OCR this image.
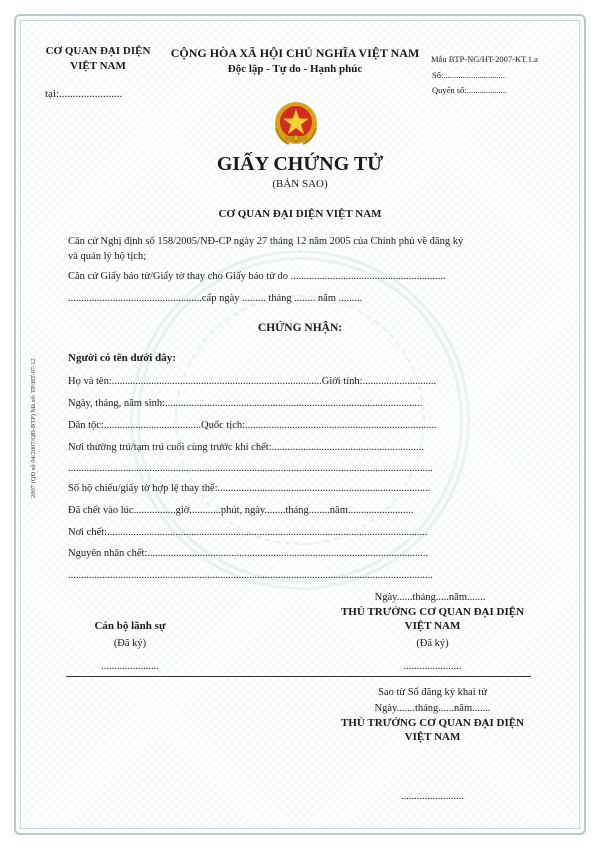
2007 (QĐ số 04/2007/QĐ-BTP) Mã số: TP/HT-07-12
CƠ QUAN ĐẠI DIỆN
VIỆT NAM
tại:.......................
CỘNG HÒA XÃ HỘI CHỦ NGHĨA VIỆT NAM
Độc lập - Tự do - Hạnh phúc
Mẫu BTP-NG/HT-2007-KT.1.a
Số:.............................
Quyển số:...................
GIẤY CHỨNG TỬ
(BẢN SAO)
CƠ QUAN ĐẠI DIỆN VIỆT NAM
Căn cứ Nghị định số 158/2005/NĐ-CP ngày 27 tháng 12 năm 2005 của Chính phủ về đăng ký
và quản lý hộ tịch;
Căn cứ Giấy báo tử/Giấy tờ thay cho Giấy báo tử do ...........................................................
...................................................cấp ngày ......... tháng ........ năm .........
CHỨNG NHẬN:
Người có tên dưới đây:
Họ và tên:................................................................................Giới tính:............................
Ngày, tháng, năm sinh:..................................................................................................
Dân tộc:.....................................Quốc tịch:.........................................................................
Nơi thường trú/tạm trú cuối cùng trước khi chết:..........................................................
...........................................................................................................................................
Số hộ chiếu/giấy tờ hợp lệ thay thế:.................................................................................
Đã chết vào lúc................giờ............phút, ngày........tháng........năm.........................
Nơi chết:..........................................................................................................................
Nguyên nhân chết:...........................................................................................................
...........................................................................................................................................
Ngày......tháng.....năm.......
Cán bộ lãnh sự
(Đã ký)
......................
THỦ TRƯỞNG CƠ QUAN ĐẠI DIỆN
VIỆT NAM
(Đã ký)
......................
Sao từ Sổ đăng ký khai tử
Ngày.......tháng......năm.......
THỦ TRƯỞNG CƠ QUAN ĐẠI DIỆN
VIỆT NAM
........................
